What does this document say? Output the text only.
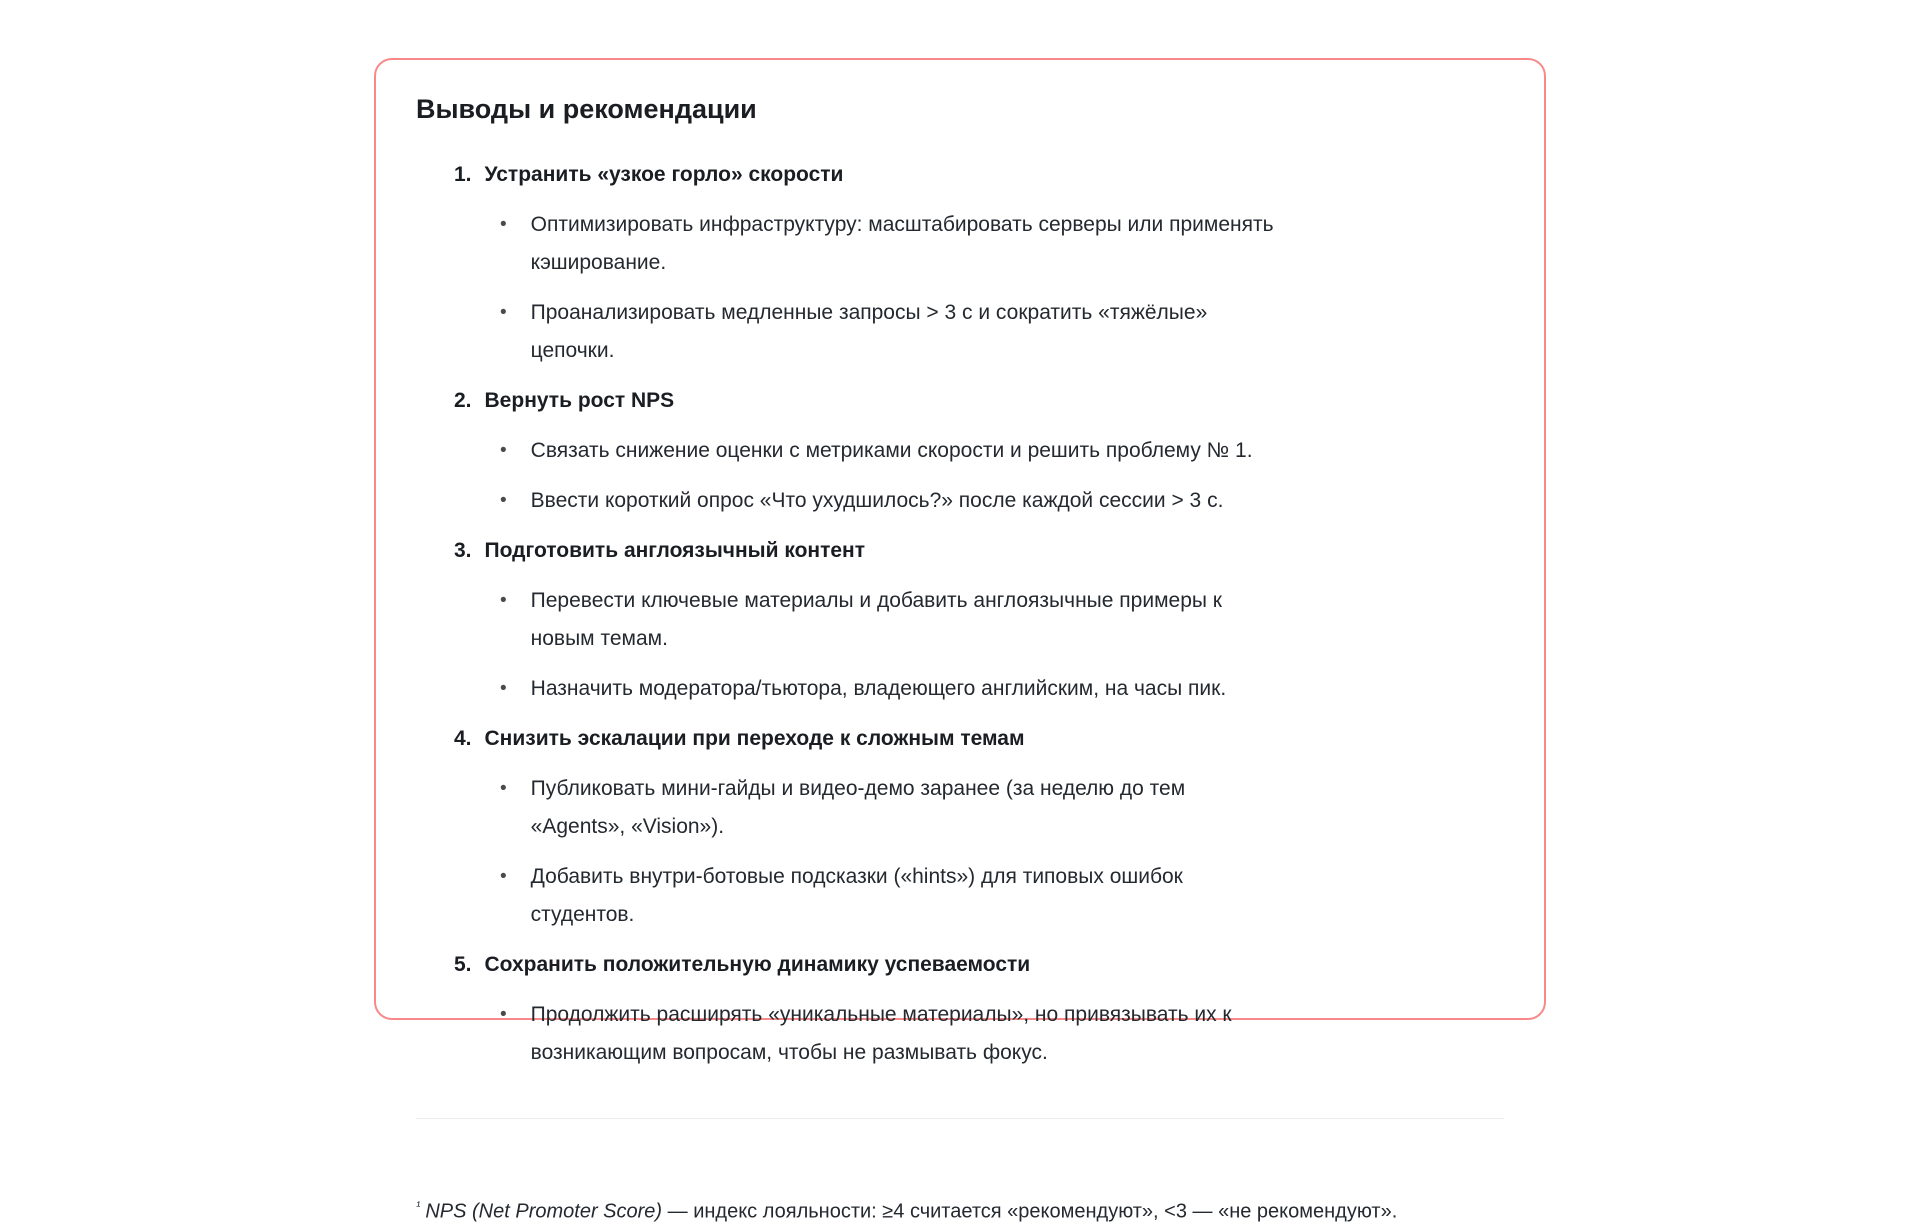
Выводы и рекомендации
1. Устранить «узкое горло» скорости
• Оптимизировать инфраструктуру: масштабировать серверы или применять кэширование.
• Проанализировать медленные запросы > 3 с и сократить «тяжёлые» цепочки.
2. Вернуть рост NPS
• Связать снижение оценки с метриками скорости и решить проблему № 1.
• Ввести короткий опрос «Что ухудшилось?» после каждой сессии > 3 с.
3. Подготовить англоязычный контент
• Перевести ключевые материалы и добавить англоязычные примеры к новым темам.
• Назначить модератора/тьютора, владеющего английским, на часы пик.
4. Снизить эскалации при переходе к сложным темам
• Публиковать мини-гайды и видео-демо заранее (за неделю до тем «Agents», «Vision»).
• Добавить внутри-ботовые подсказки («hints») для типовых ошибок студентов.
5. Сохранить положительную динамику успеваемости
• Продолжить расширять «уникальные материалы», но привязывать их к возникающим вопросам, чтобы не размывать фокус.

$^{^1}$ NPS (Net Promoter Score) — индекс лояльности: ≥4 считается «рекомендуют», <3 — «не рекомендуют».
